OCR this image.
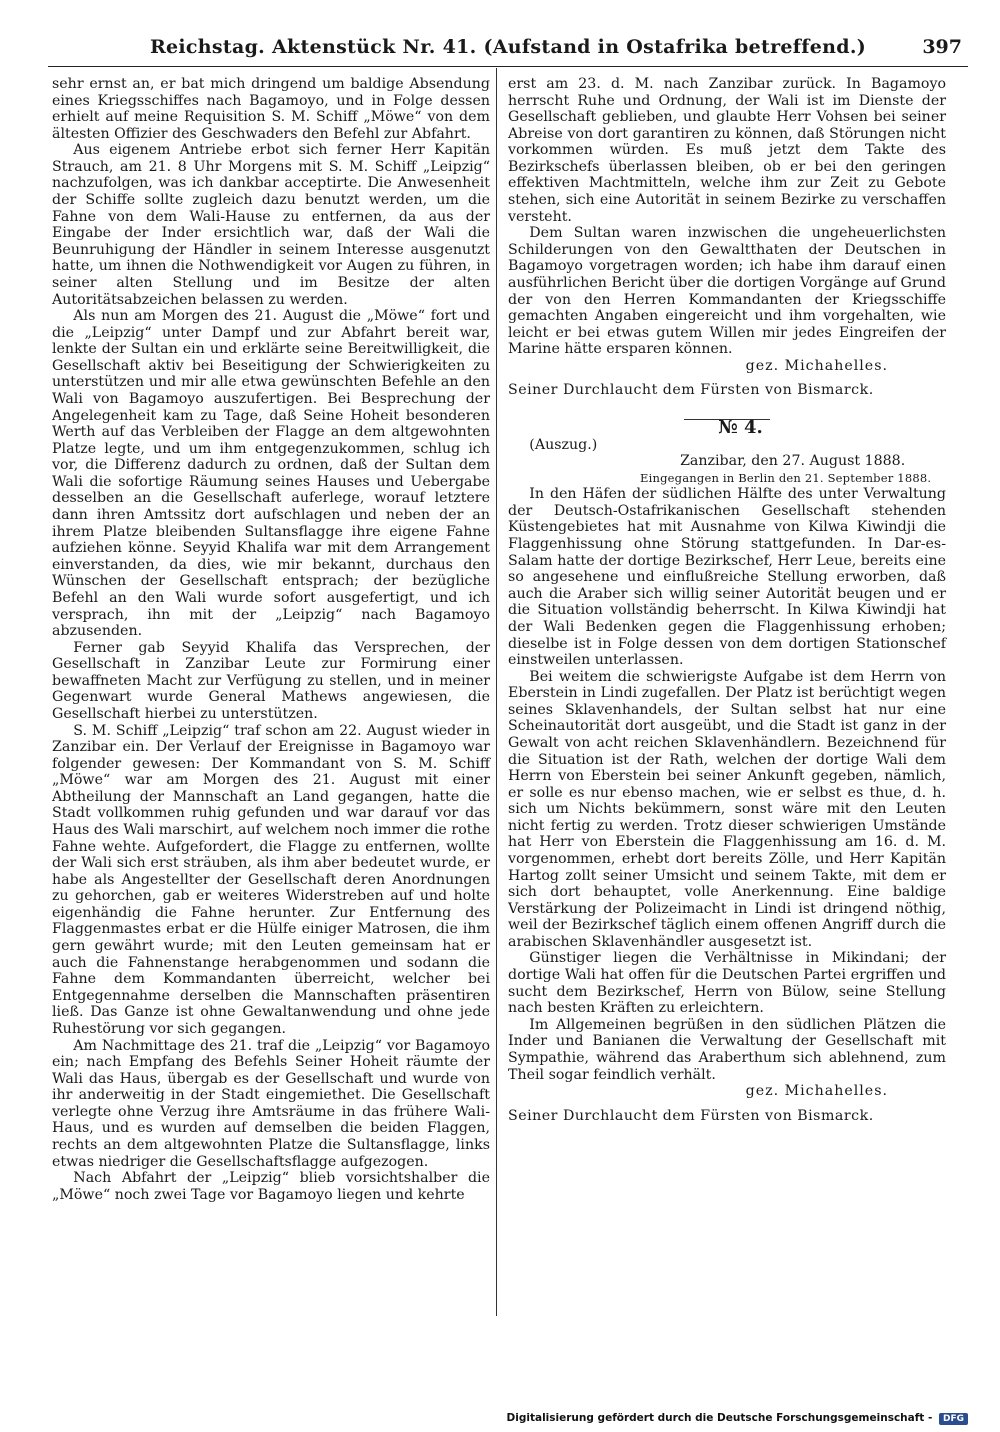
Reichstag. Aktenstück Nr. 41. (Aufstand in Ostafrika betreffend.)	397

sehr ernst an, er bat mich dringend um baldige Absendung eines Kriegsschiffes nach Bagamoyo, und in Folge dessen erhielt auf meine Requisition S. M. Schiff „Möwe“ von dem ältesten Offizier des Geschwaders den Befehl zur Abfahrt.

Aus eigenem Antriebe erbot sich ferner Herr Kapitän Strauch, am 21. 8 Uhr Morgens mit S. M. Schiff „Leipzig“ nachzufolgen, was ich dankbar acceptirte. Die Anwesenheit der Schiffe sollte zugleich dazu benutzt werden, um die Fahne von dem Wali-Hause zu entfernen, da aus der Eingabe der Inder ersichtlich war, daß der Wali die Beunruhigung der Händler in seinem Interesse ausgenutzt hatte, um ihnen die Nothwendigkeit vor Augen zu führen, in seiner alten Stellung und im Besitze der alten Autoritätsabzeichen belassen zu werden.

Als nun am Morgen des 21. August die „Möwe“ fort und die „Leipzig“ unter Dampf und zur Abfahrt bereit war, lenkte der Sultan ein und erklärte seine Bereitwilligkeit, die Gesellschaft aktiv bei Beseitigung der Schwierigkeiten zu unterstützen und mir alle etwa gewünschten Befehle an den Wali von Bagamoyo auszufertigen. Bei Besprechung der Angelegenheit kam zu Tage, daß Seine Hoheit besonderen Werth auf das Verbleiben der Flagge an dem altgewohnten Platze legte, und um ihm entgegenzukommen, schlug ich vor, die Differenz dadurch zu ordnen, daß der Sultan dem Wali die sofortige Räumung seines Hauses und Uebergabe desselben an die Gesellschaft auferlege, worauf letztere dann ihren Amtssitz dort aufschlagen und neben der an ihrem Platze bleibenden Sultansflagge ihre eigene Fahne aufziehen könne. Seyyid Khalifa war mit dem Arrangement einverstanden, da dies, wie mir bekannt, durchaus den Wünschen der Gesellschaft entsprach; der bezügliche Befehl an den Wali wurde sofort ausgefertigt, und ich versprach, ihn mit der „Leipzig“ nach Bagamoyo abzusenden.

Ferner gab Seyyid Khalifa das Versprechen, der Gesellschaft in Zanzibar Leute zur Formirung einer bewaffneten Macht zur Verfügung zu stellen, und in meiner Gegenwart wurde General Mathews angewiesen, die Gesellschaft hierbei zu unterstützen.

S. M. Schiff „Leipzig“ traf schon am 22. August wieder in Zanzibar ein. Der Verlauf der Ereignisse in Bagamoyo war folgender gewesen: Der Kommandant von S. M. Schiff „Möwe“ war am Morgen des 21. August mit einer Abtheilung der Mannschaft an Land gegangen, hatte die Stadt vollkommen ruhig gefunden und war darauf vor das Haus des Wali marschirt, auf welchem noch immer die rothe Fahne wehte. Aufgefordert, die Flagge zu entfernen, wollte der Wali sich erst sträuben, als ihm aber bedeutet wurde, er habe als Angestellter der Gesellschaft deren Anordnungen zu gehorchen, gab er weiteres Widerstreben auf und holte eigenhändig die Fahne herunter. Zur Entfernung des Flaggenmastes erbat er die Hülfe einiger Matrosen, die ihm gern gewährt wurde; mit den Leuten gemeinsam hat er auch die Fahnenstange herabgenommen und sodann die Fahne dem Kommandanten überreicht, welcher bei Entgegennahme derselben die Mannschaften präsentiren ließ. Das Ganze ist ohne Gewaltanwendung und ohne jede Ruhestörung vor sich gegangen.

Am Nachmittage des 21. traf die „Leipzig“ vor Bagamoyo ein; nach Empfang des Befehls Seiner Hoheit räumte der Wali das Haus, übergab es der Gesellschaft und wurde von ihr anderweitig in der Stadt eingemiethet. Die Gesellschaft verlegte ohne Verzug ihre Amtsräume in das frühere Wali-Haus, und es wurden auf demselben die beiden Flaggen, rechts an dem altgewohnten Platze die Sultansflagge, links etwas niedriger die Gesellschaftsflagge aufgezogen.

Nach Abfahrt der „Leipzig“ blieb vorsichtshalber die „Möwe“ noch zwei Tage vor Bagamoyo liegen und kehrte

erst am 23. d. M. nach Zanzibar zurück. In Bagamoyo herrscht Ruhe und Ordnung, der Wali ist im Dienste der Gesellschaft geblieben, und glaubte Herr Vohsen bei seiner Abreise von dort garantiren zu können, daß Störungen nicht vorkommen würden. Es muß jetzt dem Takte des Bezirkschefs überlassen bleiben, ob er bei den geringen effektiven Machtmitteln, welche ihm zur Zeit zu Gebote stehen, sich eine Autorität in seinem Bezirke zu verschaffen versteht.

Dem Sultan waren inzwischen die ungeheuerlichsten Schilderungen von den Gewaltthaten der Deutschen in Bagamoyo vorgetragen worden; ich habe ihm darauf einen ausführlichen Bericht über die dortigen Vorgänge auf Grund der von den Herren Kommandanten der Kriegsschiffe gemachten Angaben eingereicht und ihm vorgehalten, wie leicht er bei etwas gutem Willen mir jedes Eingreifen der Marine hätte ersparen können.

gez. Michahelles.

Seiner Durchlaucht dem Fürsten von Bismarck.

№ 4.

(Auszug.)

Zanzibar, den 27. August 1888.

Eingegangen in Berlin den 21. September 1888.

In den Häfen der südlichen Hälfte des unter Verwaltung der Deutsch-Ostafrikanischen Gesellschaft stehenden Küstengebietes hat mit Ausnahme von Kilwa Kiwindji die Flaggenhissung ohne Störung stattgefunden. In Dar-es-Salam hatte der dortige Bezirkschef, Herr Leue, bereits eine so angesehene und einflußreiche Stellung erworben, daß auch die Araber sich willig seiner Autorität beugen und er die Situation vollständig beherrscht. In Kilwa Kiwindji hat der Wali Bedenken gegen die Flaggenhissung erhoben; dieselbe ist in Folge dessen von dem dortigen Stationschef einstweilen unterlassen.

Bei weitem die schwierigste Aufgabe ist dem Herrn von Eberstein in Lindi zugefallen. Der Platz ist berüchtigt wegen seines Sklavenhandels, der Sultan selbst hat nur eine Scheinautorität dort ausgeübt, und die Stadt ist ganz in der Gewalt von acht reichen Sklavenhändlern. Bezeichnend für die Situation ist der Rath, welchen der dortige Wali dem Herrn von Eberstein bei seiner Ankunft gegeben, nämlich, er solle es nur ebenso machen, wie er selbst es thue, d. h. sich um Nichts bekümmern, sonst wäre mit den Leuten nicht fertig zu werden. Trotz dieser schwierigen Umstände hat Herr von Eberstein die Flaggenhissung am 16. d. M. vorgenommen, erhebt dort bereits Zölle, und Herr Kapitän Hartog zollt seiner Umsicht und seinem Takte, mit dem er sich dort behauptet, volle Anerkennung. Eine baldige Verstärkung der Polizeimacht in Lindi ist dringend nöthig, weil der Bezirkschef täglich einem offenen Angriff durch die arabischen Sklavenhändler ausgesetzt ist.

Günstiger liegen die Verhältnisse in Mikindani; der dortige Wali hat offen für die Deutschen Partei ergriffen und sucht dem Bezirkschef, Herrn von Bülow, seine Stellung nach besten Kräften zu erleichtern.

Im Allgemeinen begrüßen in den südlichen Plätzen die Inder und Banianen die Verwaltung der Gesellschaft mit Sympathie, während das Araberthum sich ablehnend, zum Theil sogar feindlich verhält.

gez. Michahelles.

Seiner Durchlaucht dem Fürsten von Bismarck.

Digitalisierung gefördert durch die Deutsche Forschungsgemeinschaft - DFG
